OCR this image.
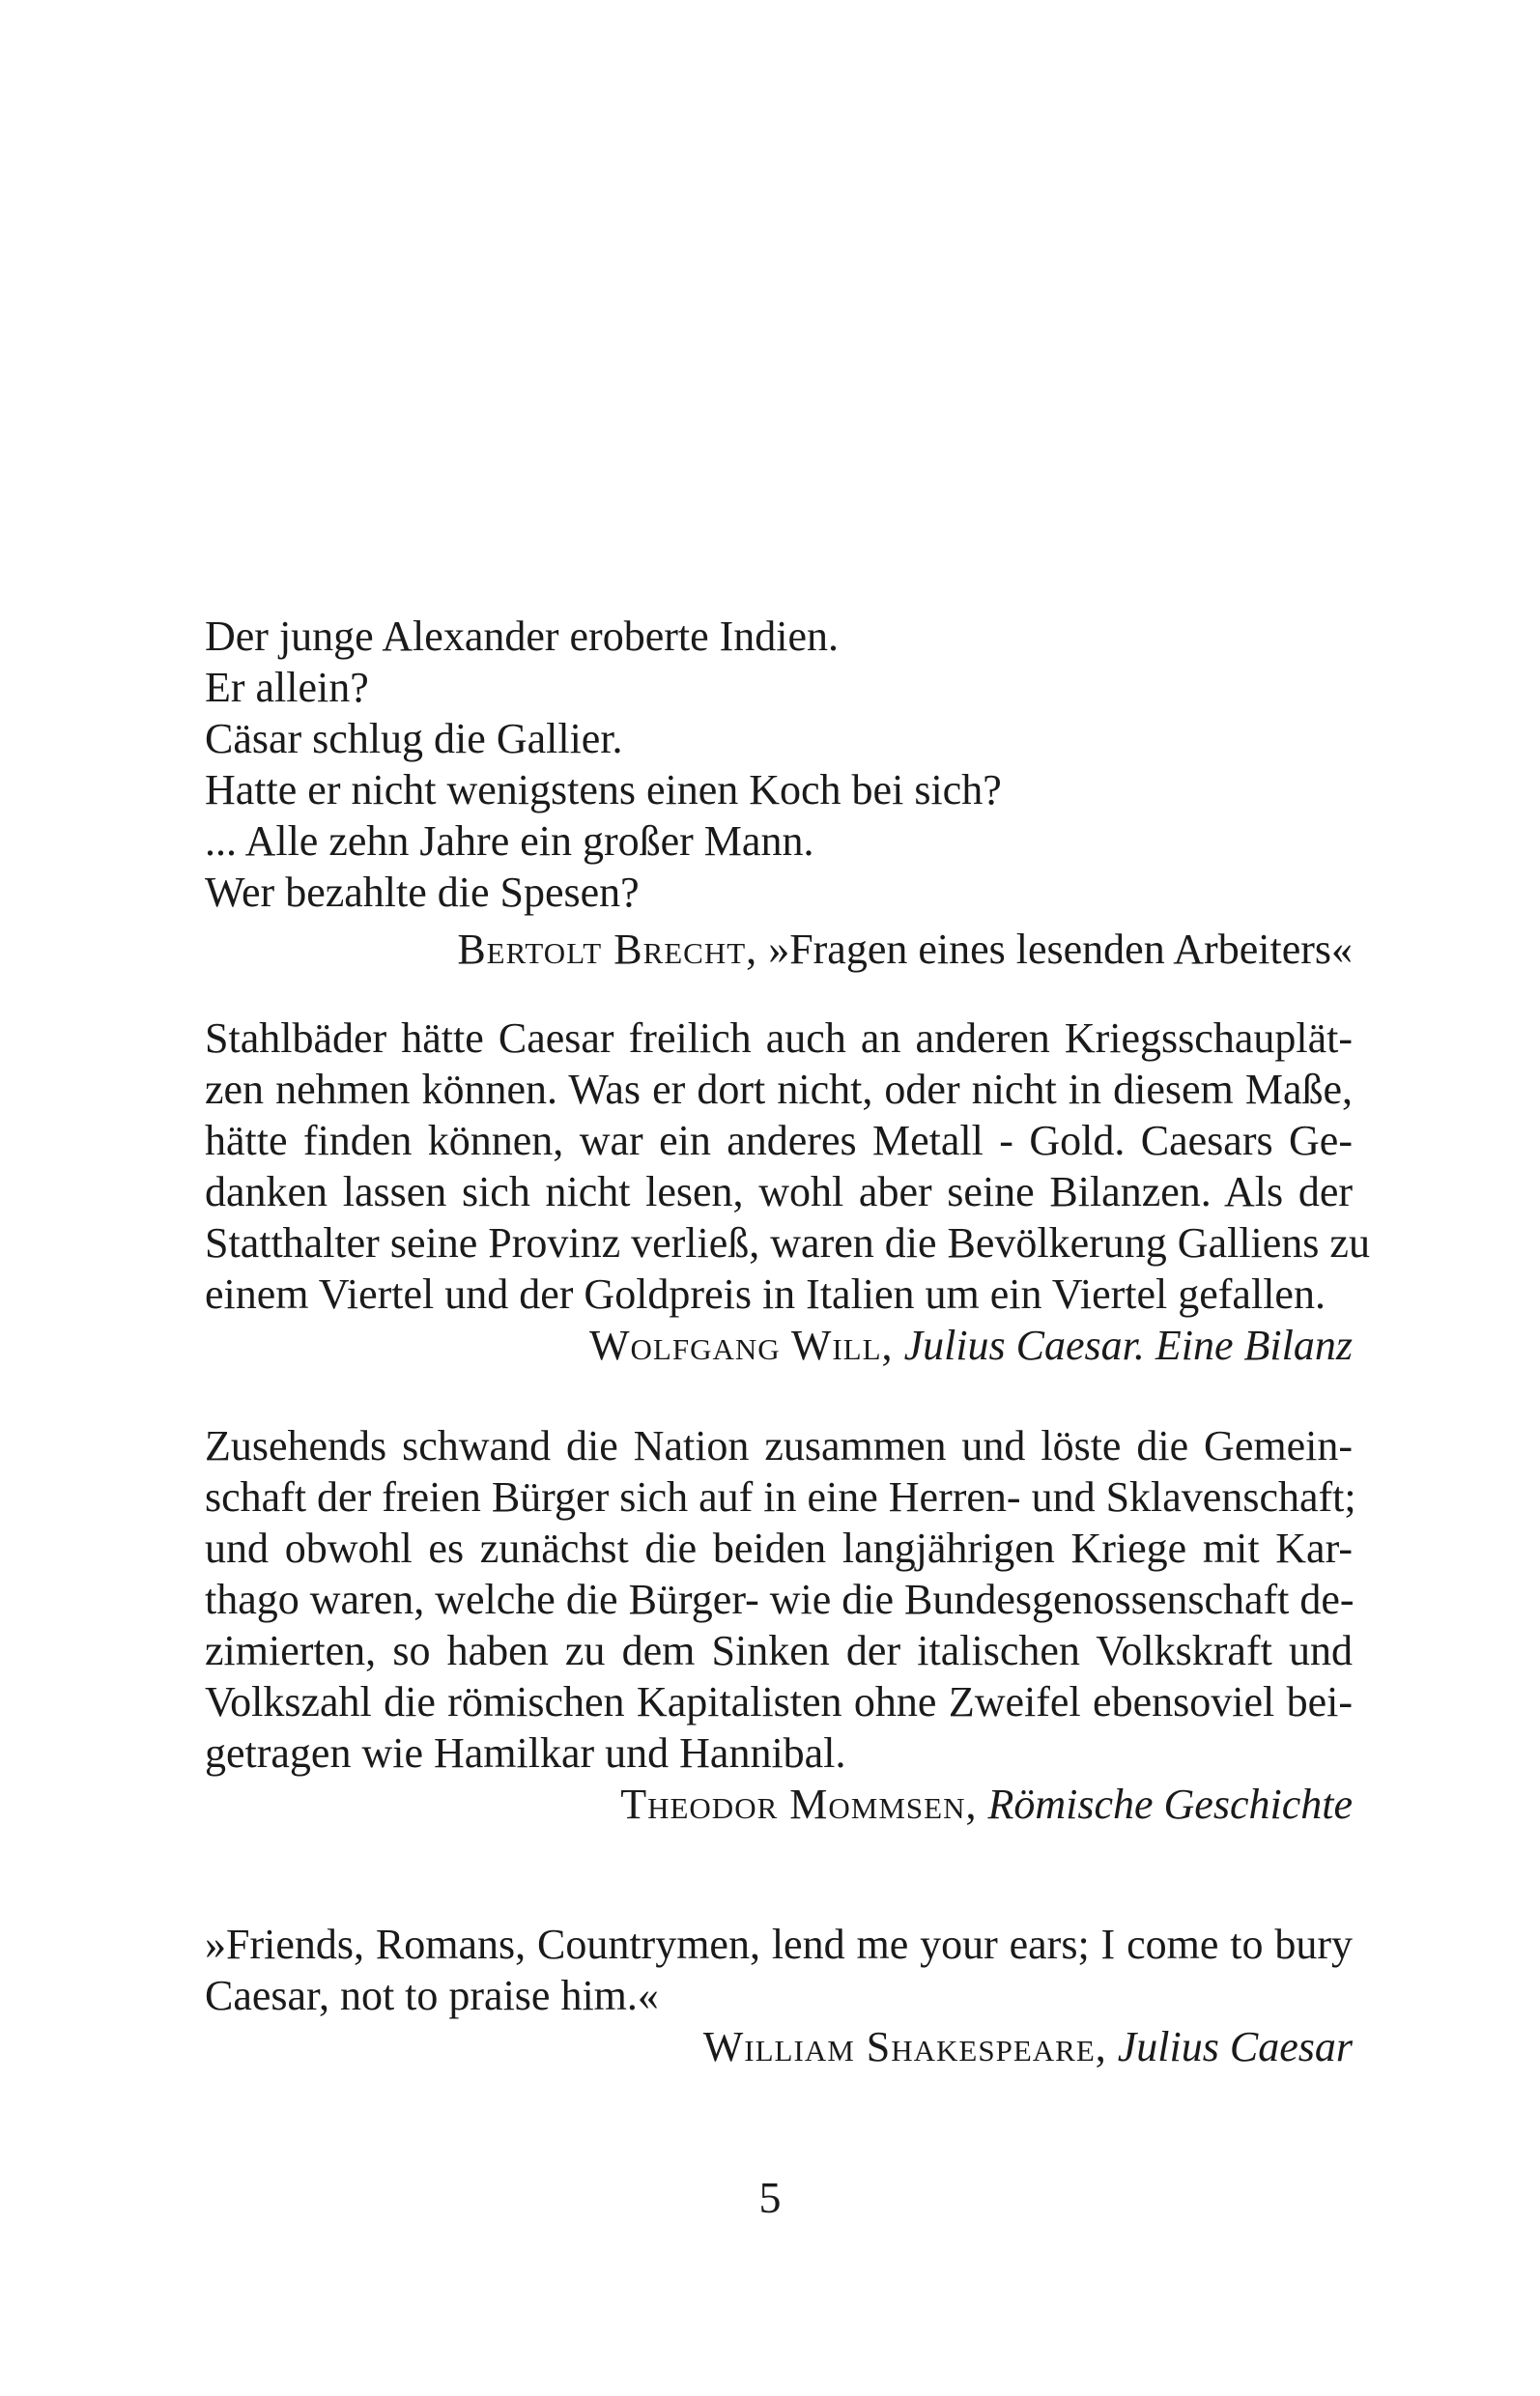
Der junge Alexander eroberte Indien.
Er allein?
Cäsar schlug die Gallier.
Hatte er nicht wenigstens einen Koch bei sich?
... Alle zehn Jahre ein großer Mann.
Wer bezahlte die Spesen?
Bertolt Brecht, »Fragen eines lesenden Arbeiters«
Stahlbäder hätte Caesar freilich auch an anderen Kriegsschauplät-
zen nehmen können. Was er dort nicht, oder nicht in diesem Maße,
hätte finden können, war ein anderes Metall - Gold. Caesars Ge-
danken lassen sich nicht lesen, wohl aber seine Bilanzen. Als der
Statthalter seine Provinz verließ, waren die Bevölkerung Galliens zu
einem Viertel und der Goldpreis in Italien um ein Viertel gefallen.
Wolfgang Will, Julius Caesar. Eine Bilanz
Zusehends schwand die Nation zusammen und löste die Gemein-
schaft der freien Bürger sich auf in eine Herren- und Sklavenschaft;
und obwohl es zunächst die beiden langjährigen Kriege mit Kar-
thago waren, welche die Bürger- wie die Bundesgenossenschaft de-
zimierten, so haben zu dem Sinken der italischen Volkskraft und
Volkszahl die römischen Kapitalisten ohne Zweifel ebensoviel bei-
getragen wie Hamilkar und Hannibal.
Theodor Mommsen, Römische Geschichte
»Friends, Romans, Countrymen, lend me your ears; I come to bury
Caesar, not to praise him.«
William Shakespeare, Julius Caesar
5
